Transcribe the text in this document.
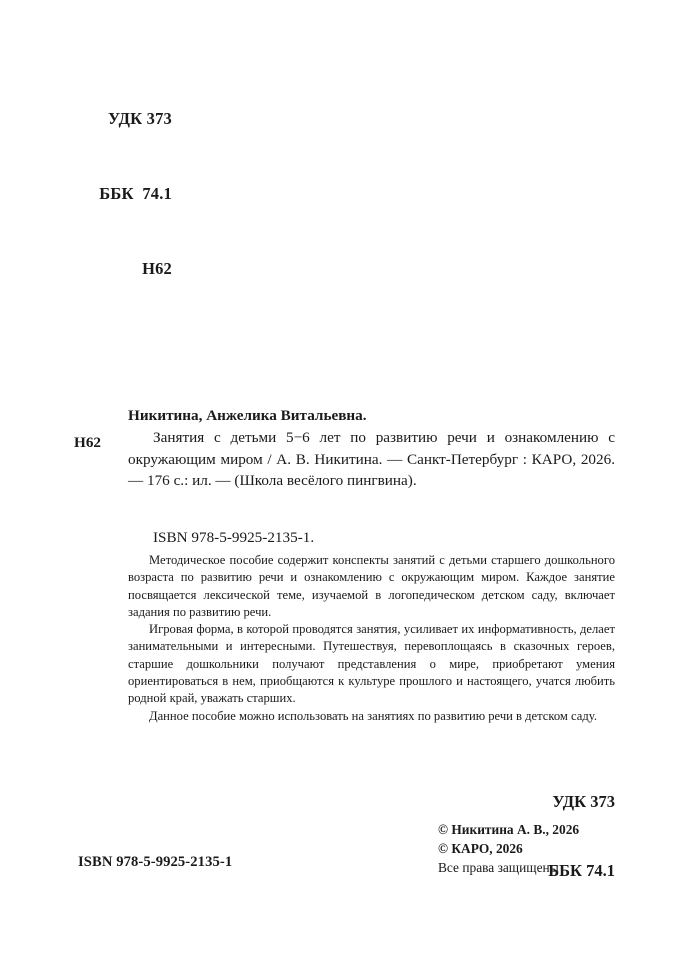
УДК 373

ББК  74.1

Н62

Н62
Никитина, Анжелика Витальевна.

Занятия с детьми 5−6 лет по развитию речи и ознакомлению с окружающим миром / А. В. Никитина. — Санкт-Петербург : КАРО, 2026. — 176 с.: ил. — (Школа весёлого пингвина).

ISBN 978-5-9925-2135-1.

Методическое пособие содержит конспекты занятий с детьми старшего дошкольного возраста по развитию речи и ознакомлению с окружающим миром. Каждое занятие посвящается лексической теме, изучаемой в логопедическом детском саду, включает задания по развитию речи.

Игровая форма, в которой проводятся занятия, усиливает их информативность, делает занимательными и интересными. Путешествуя, перевоплощаясь в сказочных героев, старшие дошкольники получают представления о мире, приобретают умения ориентироваться в нем, приобщаются к культуре прошлого и настоящего, учатся любить родной край, уважать старших.

Данное пособие можно использовать на занятиях по развитию речи в детском саду.

УДК 373

ББК 74.1

© Никитина А. В., 2026
© КАРО, 2026
Все права защищены
ISBN 978-5-9925-2135-1
